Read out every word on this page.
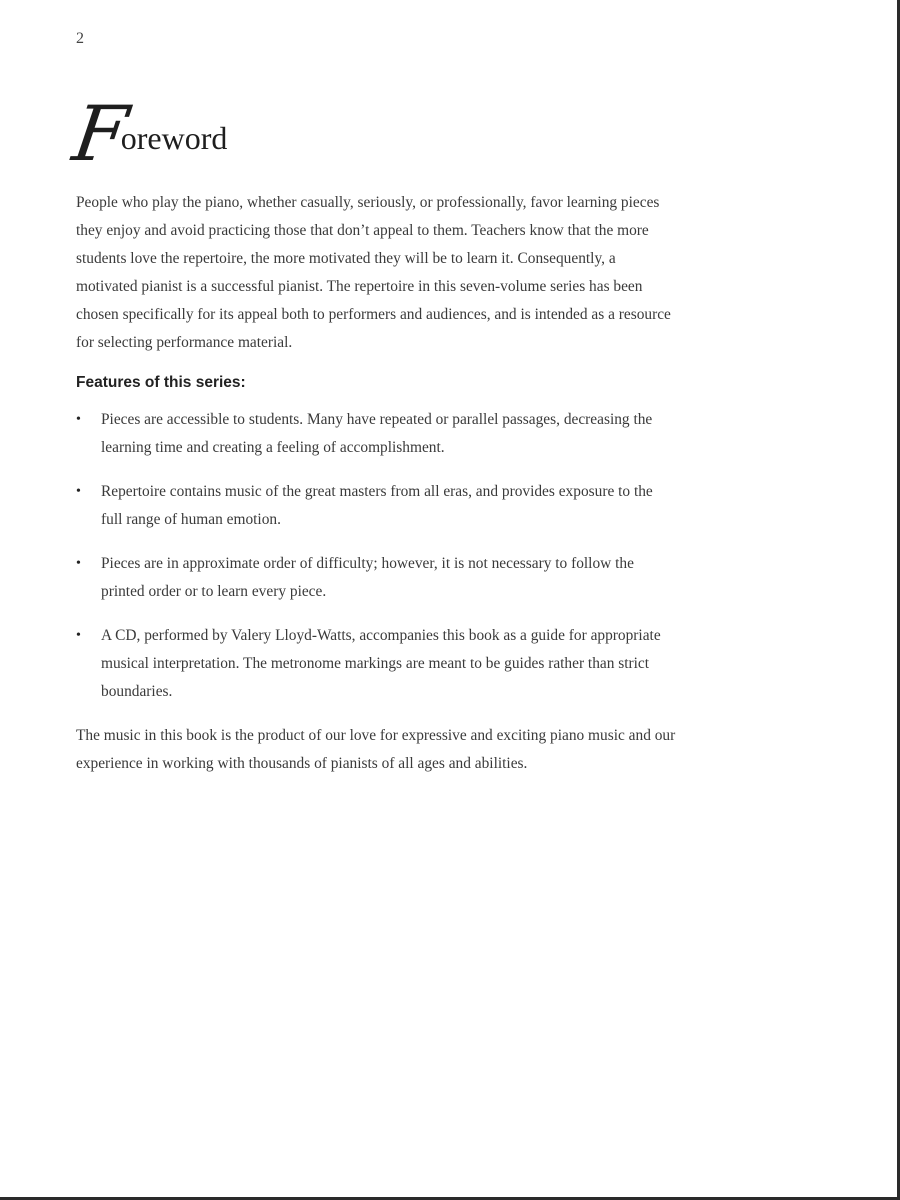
2
F
oreword

People who play the piano, whether casually, seriously, or professionally, favor learning pieces they enjoy and avoid practicing those that don’t appeal to them. Teachers know that the more students love the repertoire, the more motivated they will be to learn it. Consequently, a motivated pianist is a successful pianist. The repertoire in this seven-volume series has been chosen specifically for its appeal both to performers and audiences, and is intended as a resource for selecting performance material.

Features of this series:
• Pieces are accessible to students. Many have repeated or parallel passages, decreasing the learning time and creating a feeling of accomplishment.
• Repertoire contains music of the great masters from all eras, and provides exposure to the full range of human emotion.
• Pieces are in approximate order of difficulty; however, it is not necessary to follow the printed order or to learn every piece.
• A CD, performed by Valery Lloyd-Watts, accompanies this book as a guide for appropriate musical interpretation. The metronome markings are meant to be guides rather than strict boundaries.

The music in this book is the product of our love for expressive and exciting piano music and our experience in working with thousands of pianists of all ages and abilities.
